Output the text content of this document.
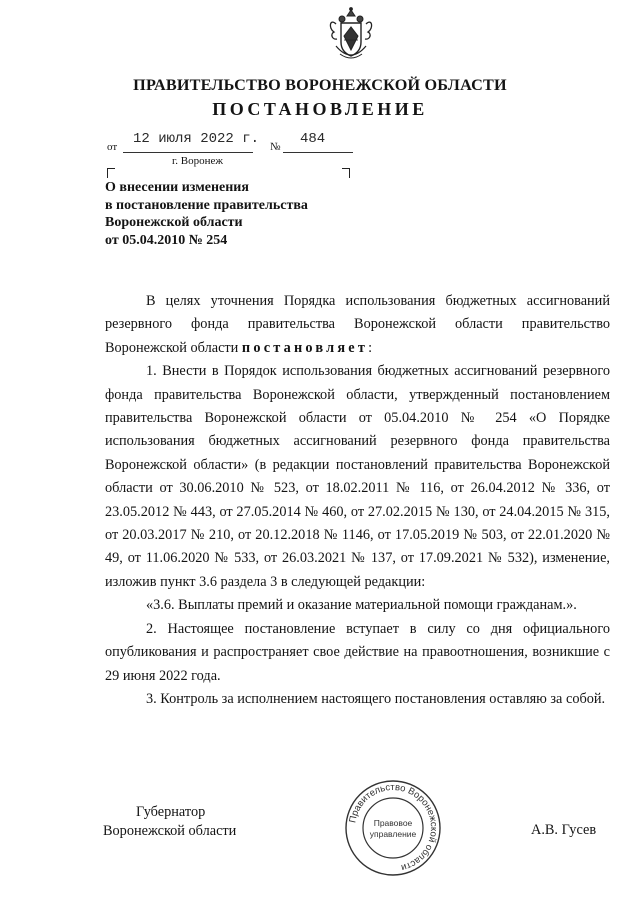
ПРАВИТЕЛЬСТВО ВОРОНЕЖСКОЙ ОБЛАСТИ
ПОСТАНОВЛЕНИЕ
от 12 июля 2022 г. № 484
г. Воронеж
О внесении изменения
в постановление правительства
Воронежской области
от 05.04.2010 № 254

В целях уточнения Порядка использования бюджетных ассигнований резервного фонда правительства Воронежской области правительство Воронежской области постановляет:

1. Внести в Порядок использования бюджетных ассигнований резервного фонда правительства Воронежской области, утвержденный постановлением правительства Воронежской области от 05.04.2010 № 254 «О Порядке использования бюджетных ассигнований резервного фонда правительства Воронежской области» (в редакции постановлений правительства Воронежской области от 30.06.2010 № 523, от 18.02.2011 № 116, от 26.04.2012 № 336, от 23.05.2012 № 443, от 27.05.2014 № 460, от 27.02.2015 № 130, от 24.04.2015 № 315, от 20.03.2017 № 210, от 20.12.2018 № 1146, от 17.05.2019 № 503, от 22.01.2020 № 49, от 11.06.2020 № 533, от 26.03.2021 № 137, от 17.09.2021 № 532), изменение, изложив пункт 3.6 раздела 3 в следующей редакции:

«3.6. Выплаты премий и оказание материальной помощи гражданам.».

2. Настоящее постановление вступает в силу со дня официального опубликования и распространяет свое действие на правоотношения, возникшие с 29 июня 2022 года.

3. Контроль за исполнением настоящего постановления оставляю за собой.

Губернатор
Воронежской области	А.В. Гусев
Правительство Воронежской области
Правовое
управление
